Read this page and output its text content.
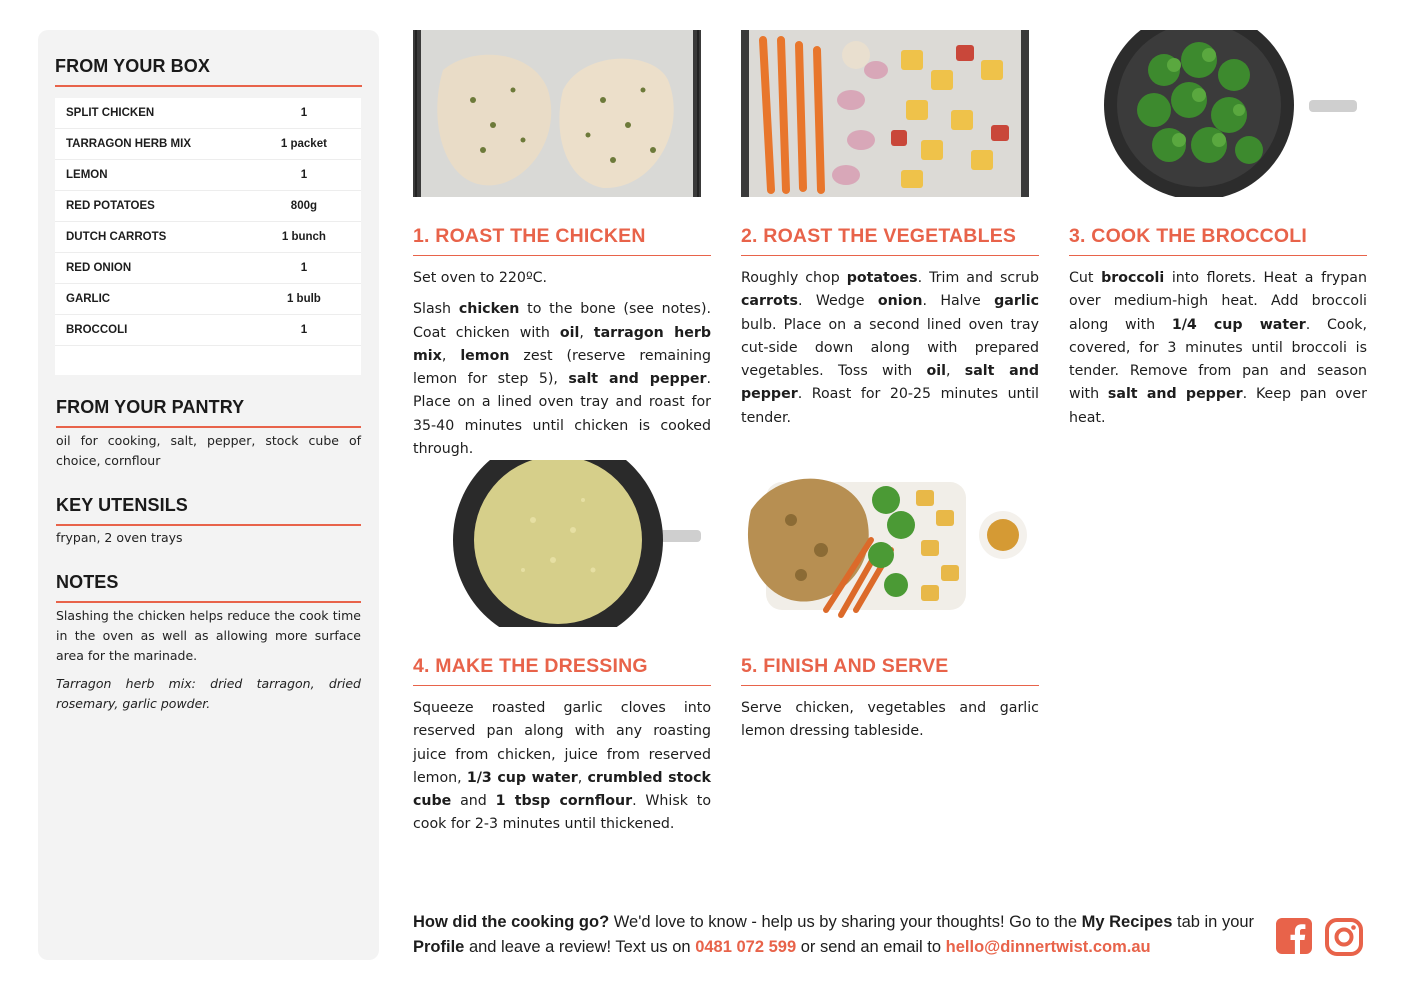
FROM YOUR BOX
SPLIT CHICKEN	1
TARRAGON HERB MIX	1 packet
LEMON	1
RED POTATOES	800g
DUTCH CARROTS	1 bunch
RED ONION	1
GARLIC	1 bulb
BROCCOLI	1
FROM YOUR PANTRY

oil for cooking, salt, pepper, stock cube of choice, cornflour

KEY UTENSILS

frypan, 2 oven trays

NOTES

Slashing the chicken helps reduce the cook time in the oven as well as allowing more surface area for the marinade.

Tarragon herb mix: dried tarragon, dried rosemary, garlic powder.

1. ROAST THE CHICKEN	2. ROAST THE VEGETABLES	3. COOK THE BROCCOLI
4. MAKE THE DRESSING	5. FINISH AND SERVE

Set oven to 220ºC.

Slash chicken to the bone (see notes). Coat chicken with oil, tarragon herb mix, lemon zest (reserve remaining lemon for step 5), salt and pepper. Place on a lined oven tray and roast for 35-40 minutes until chicken is cooked through.

Roughly chop potatoes. Trim and scrub carrots. Wedge onion. Halve garlic bulb. Place on a second lined oven tray cut-side down along with prepared vegetables. Toss with oil, salt and pepper. Roast for 20-25 minutes until tender.

Cut broccoli into florets. Heat a frypan over medium-high heat. Add broccoli along with 1/4 cup water. Cook, covered, for 3 minutes until broccoli is tender. Remove from pan and season with salt and pepper. Keep pan over heat.

Squeeze roasted garlic cloves into reserved pan along with any roasting juice from chicken, juice from reserved lemon, 1/3 cup water, crumbled stock cube and 1 tbsp cornflour. Whisk to cook for 2-3 minutes until thickened.

Serve chicken, vegetables and garlic lemon dressing tableside.

How did the cooking go? We'd love to know - help us by sharing your thoughts! Go to the My Recipes tab in your Profile and leave a review! Text us on 0481 072 599 or send an email to hello@dinnertwist.com.au
